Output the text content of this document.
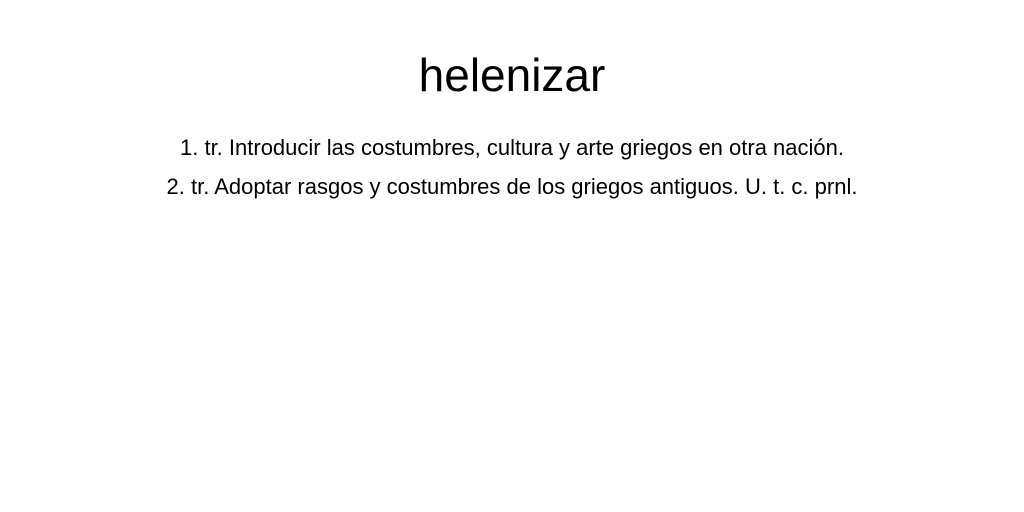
helenizar
1. tr. Introducir las costumbres, cultura y arte griegos en otra nación.
2. tr. Adoptar rasgos y costumbres de los griegos antiguos. U. t. c. prnl.
